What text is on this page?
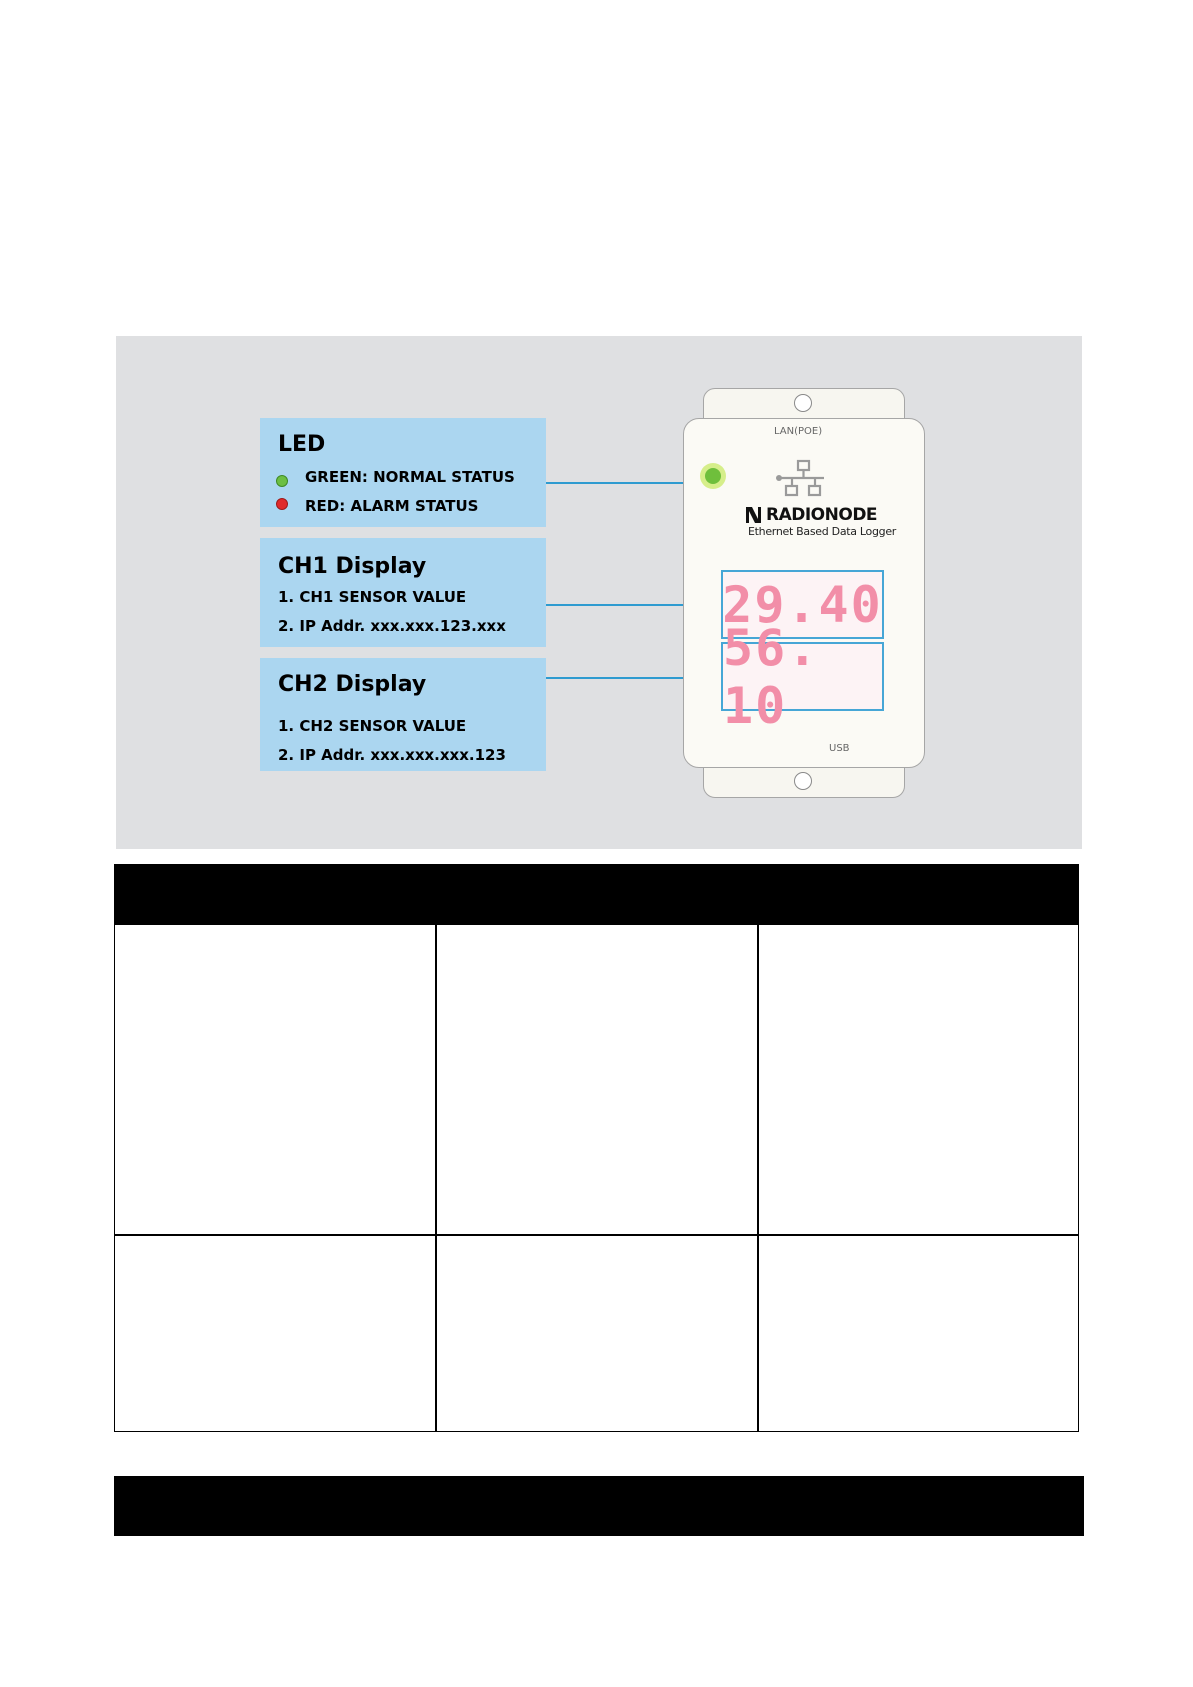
LED
GREEN: NORMAL STATUS
RED: ALARM STATUS
CH1 Display
1. CH1 SENSOR VALUE
2. IP Addr. xxx.xxx.123.xxx
CH2 Display
1. CH2 SENSOR VALUE
2. IP Addr. xxx.xxx.xxx.123
LAN(POE)
RADIONODE
Ethernet Based Data Logger
29.40
56. 10
USB
